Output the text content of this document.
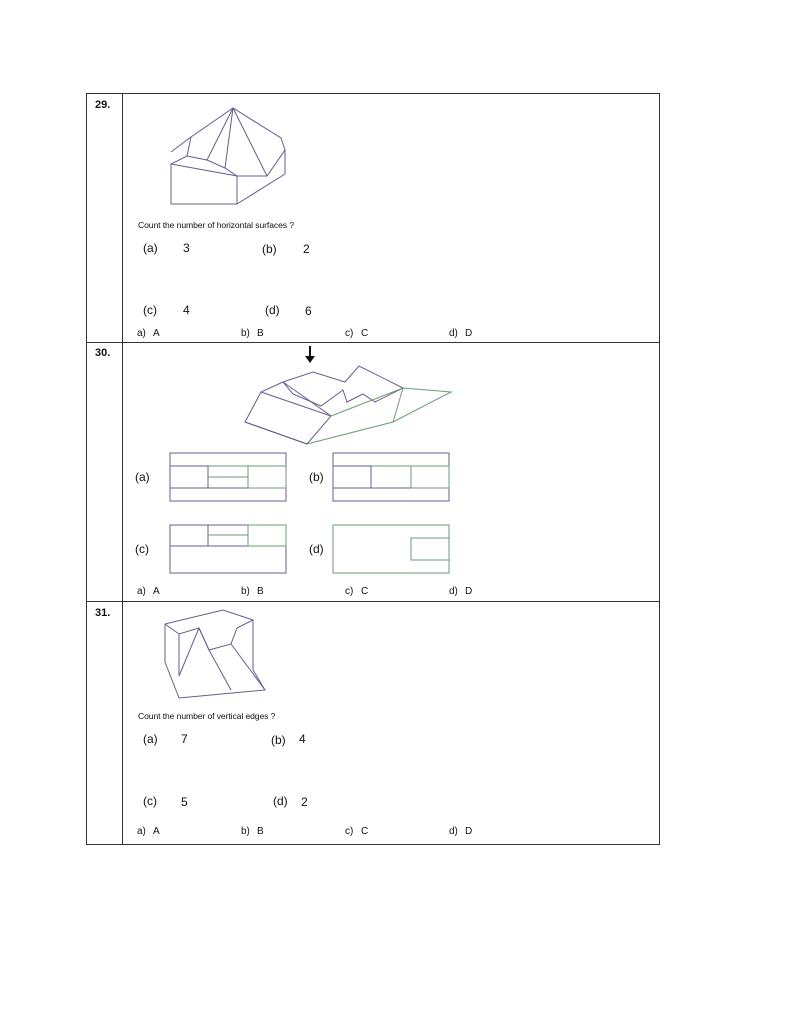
29.
Count the number of horizontal surfaces ?
(a) 3	(b) 2
(c) 4	(d) 6
a) A	b) B	c) C	d) D
30.
(a)	(b)
(c)	(d)
a) A	b) B	c) C	d) D
31.
Count the number of vertical edges ?
(a) 7	(b) 4
(c) 5	(d) 2
a) A	b) B	c) C	d) D
